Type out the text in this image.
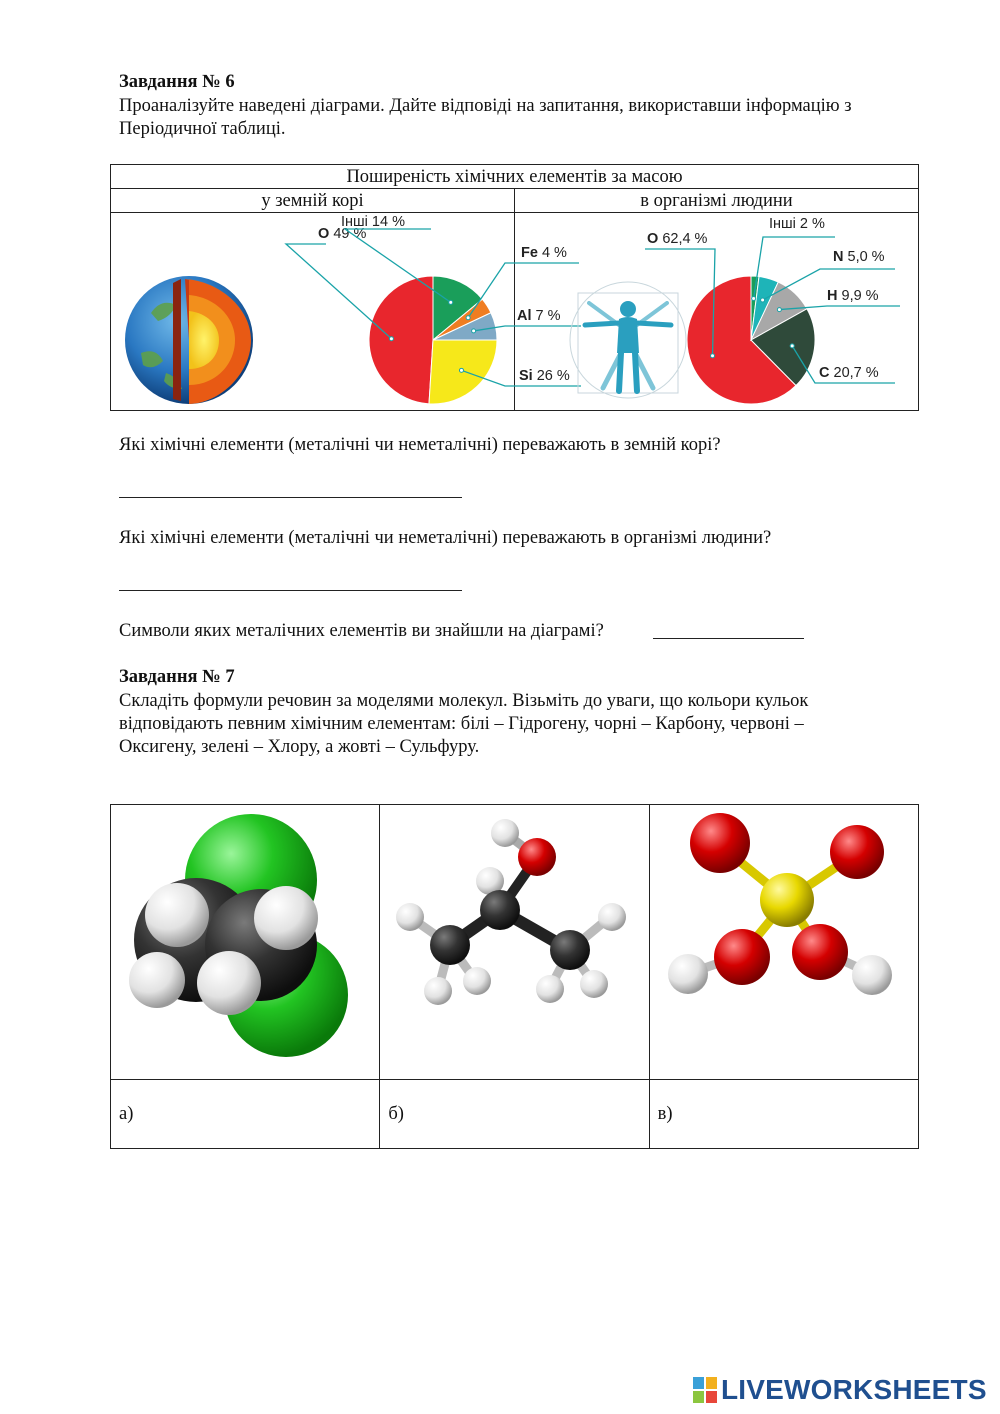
Завдання № 6
Проаналізуйте наведені діаграми. Дайте відповіді на запитання, використавши інформацію з
Періодичної таблиці.
Поширеність хімічних елементів за масою	
у земній корі	в організмі людини

O 49 %
Інші 14 %
Fe 4 %
Al 7 %
Si 26 %	O 62,4 %
Інші 2 %
N 5,0 %
H 9,9 %
C 20,7 %
Які хімічні елементи (металічні чи неметалічні) переважають в земній корі?
Які хімічні елементи (металічні чи неметалічні) переважають в організмі людини?
Символи яких металічних елементів ви знайшли на діаграмі?
Завдання № 7
Складіть формули речовин за моделями молекул. Візьміть до уваги, що кольори кульок
відповідають певним хімічним елементам: білі – Гідрогену, чорні – Карбону, червоні –
Оксигену, зелені – Хлору, а жовті – Сульфуру.

а)	б)	в)
LIVEWORKSHEETS
